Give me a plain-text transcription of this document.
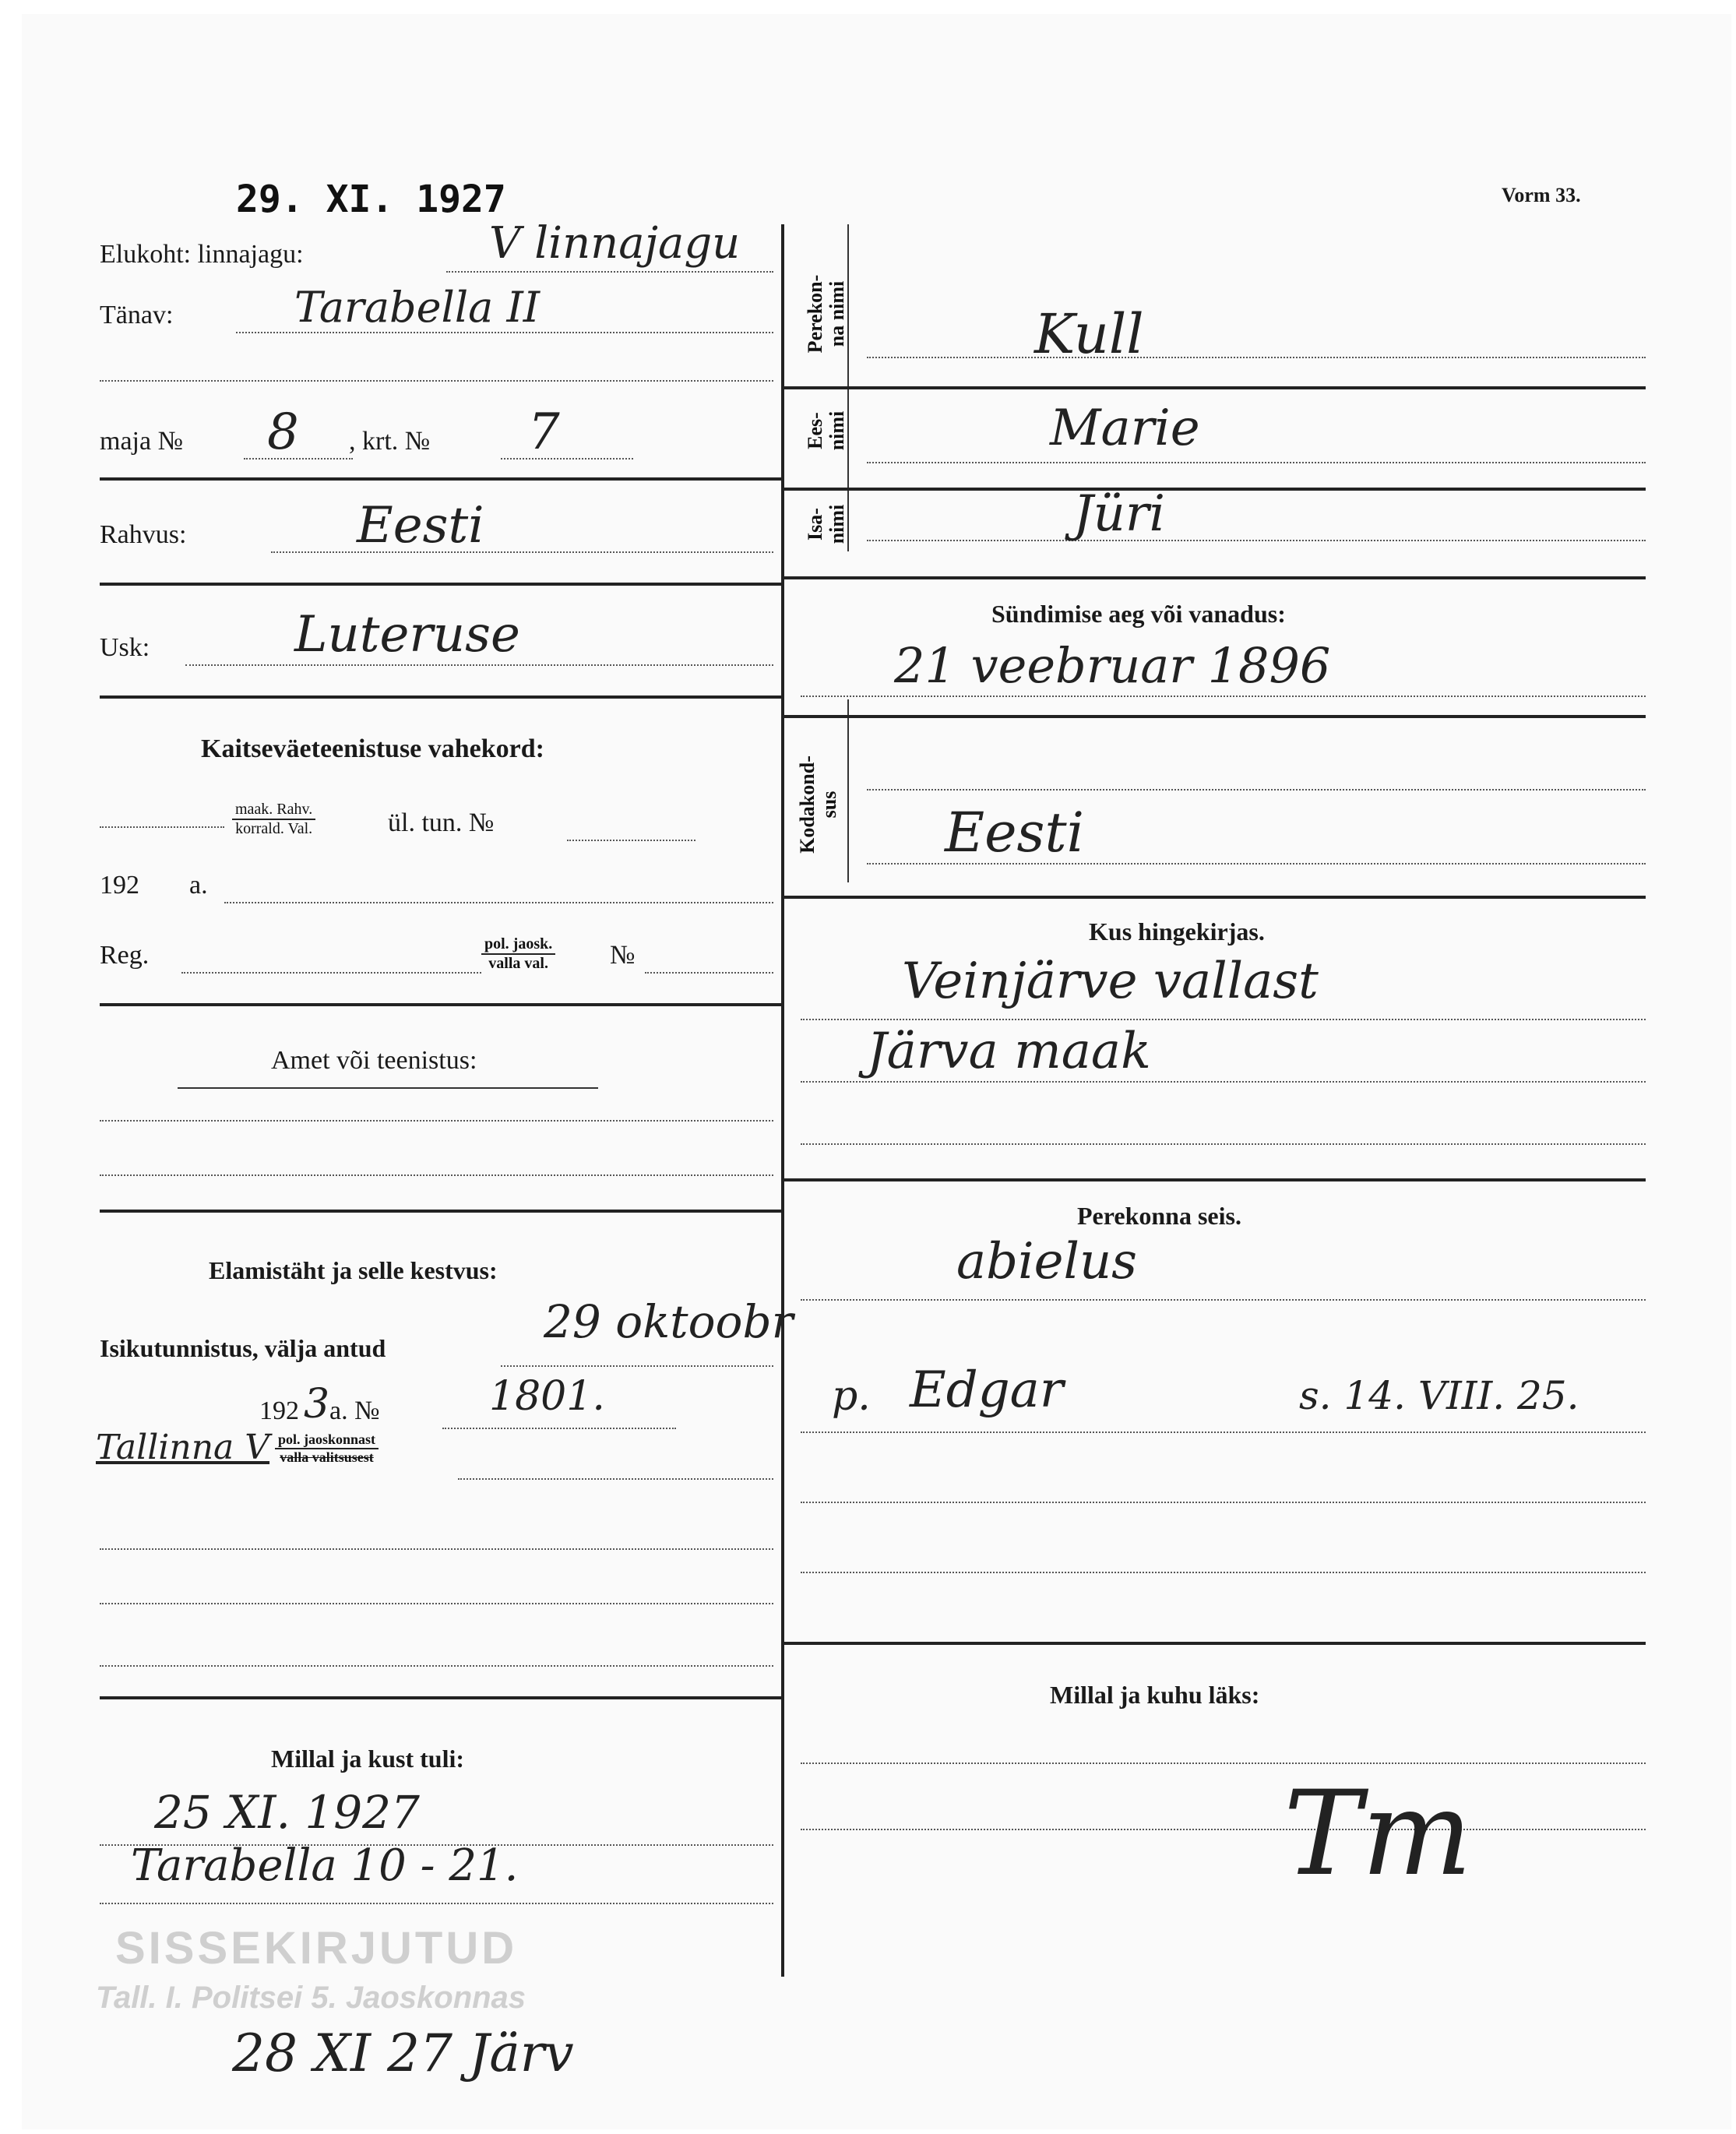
29. XI. 1927	Vorm 33.
Elukoht: linnajagu:	V linnajagu
Tänav:	Tarabella II
maja № 8 , krt. № 7
Rahvus:	Eesti
Usk:	Luteruse
Kaitseväeteenistuse vahekord:
maak. Rahv.
korrald. Val.	ül. tun. №
192 a.
Reg.	pol. jaosk.
valla val. №
Amet või teenistus:
Elamistäht ja selle kestvus:
Isikutunnistus, välja antud	29 oktoobr
192 3 a. №	1801.
Tallinna V pol. jaoskonnast
valla valitsusest
Millal ja kust tuli:
25 XI. 1927
Tarabella 10 - 21.
Perekon-
na nimi
Kull
Ees-
nimi	Marie
Isa-
nimi	Jüri
Sündimise aeg või vanadus:
21 veebruar 1896
Kodakond-
sus Eesti
Kus hingekirjas.
Veinjärve vallast
Järva maak
Perekonna seis.
abielus
p. Edgar	s. 14. VIII. 25.
Millal ja kuhu läks:
Tm
SISSEKIRJUTUD
Tall. I. Politsei 5. Jaoskonnas
28 XI 27 Järv
